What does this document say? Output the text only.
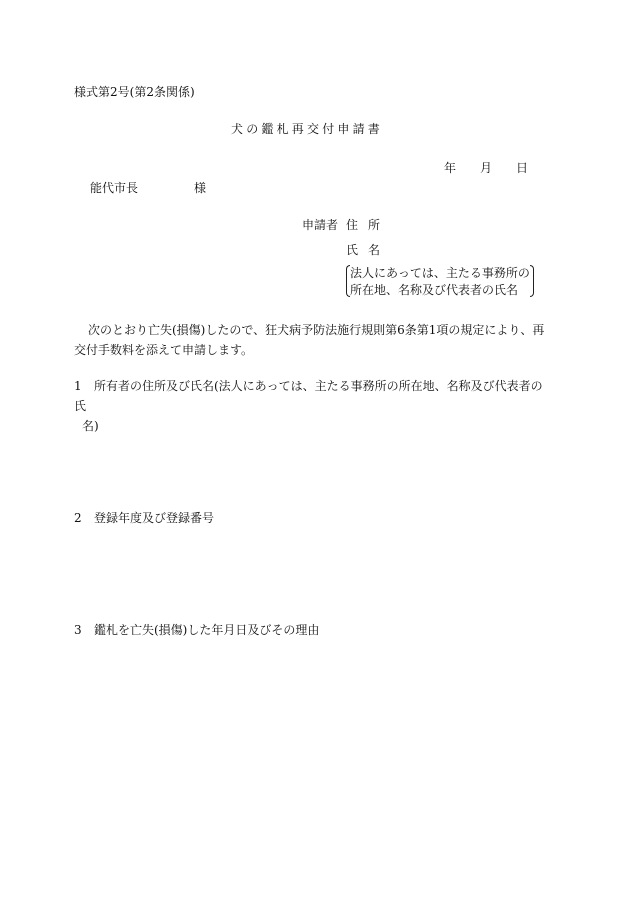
様式第2号(第2条関係)
犬の鑑札再交付申請書
年 月 日
能代市長	様
申請者 住所
氏名
法人にあっては、主たる事務所の
所在地、名称及び代表者の氏名
次のとおり亡失(損傷)したので、狂犬病予防法施行規則第6条第1項の規定により、再交付手数料を添えて申請します。
1 所有者の住所及び氏名(法人にあっては、主たる事務所の所在地、名称及び代表者の氏
名)
2 登録年度及び登録番号
3 鑑札を亡失(損傷)した年月日及びその理由
